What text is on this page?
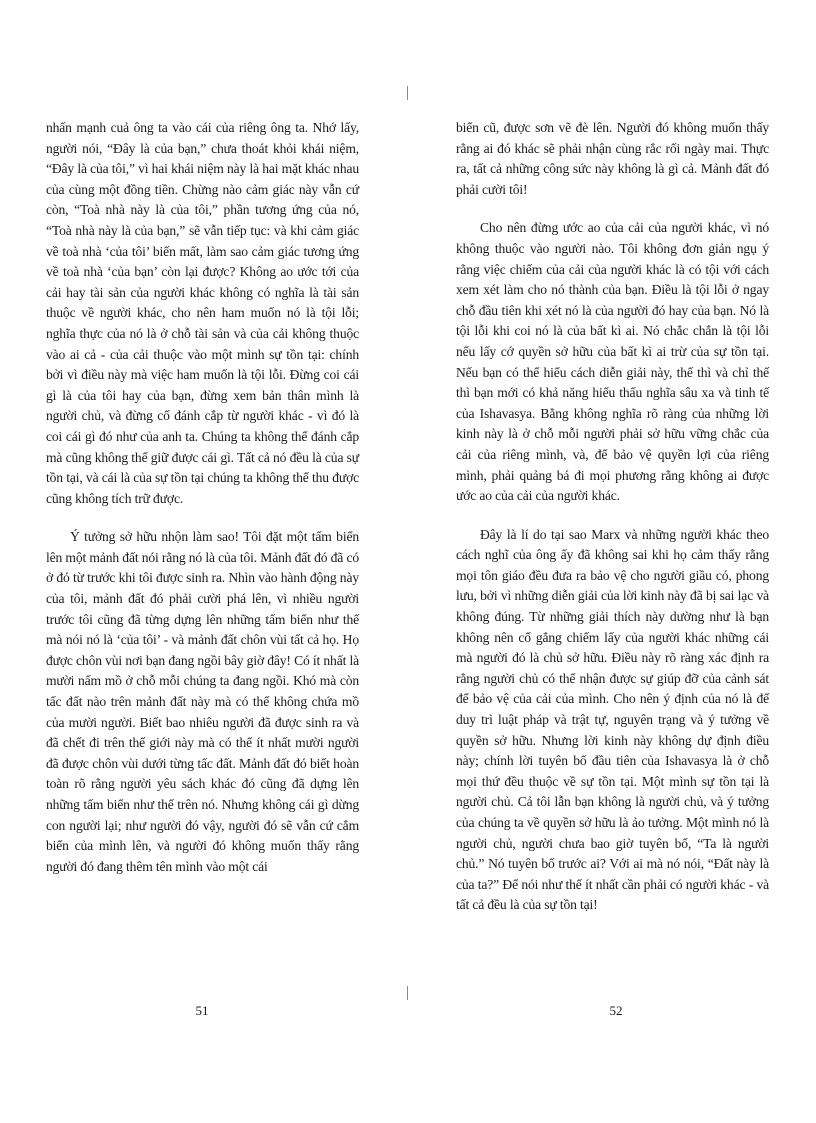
nhấn mạnh cuả ông ta vào cái của riêng ông ta. Nhớ lấy, người nói, “Đây là của bạn,” chưa thoát khỏi khái niệm, “Đây là của tôi,” vì hai khái niệm này là hai mặt khác nhau của cùng một đồng tiền. Chừng nào cảm giác này vẫn cứ còn, “Toà nhà này là của tôi,” phần tương ứng của nó, “Toà nhà này là của bạn,” sẽ vẫn tiếp tục: và khi cảm giác về toà nhà ‘của tôi’ biến mất, làm sao cảm giác tương ứng về toà nhà ‘của bạn’ còn lại được? Không ao ước tới của cải hay tài sản của người khác không có nghĩa là tài sản thuộc về người khác, cho nên ham muốn nó là tội lỗi; nghĩa thực của nó là ở chỗ tài sản và của cải không thuộc vào ai cả - của cải thuộc vào một mình sự tồn tại: chính bởi vì điều này mà việc ham muốn là tội lỗi. Đừng coi cái gì là của tôi hay của bạn, đừng xem bản thân mình là người chủ, và đừng cố đánh cắp từ người khác - vì đó là coi cái gì đó như của anh ta. Chúng ta không thể đánh cắp mà cũng không thể giữ được cái gì. Tất cả nó đều là của sự tồn tại, và cái là của sự tồn tại chúng ta không thể thu được cũng không tích trữ được.

Ý tưởng sở hữu nhộn làm sao! Tôi đặt một tấm biển lên một mảnh đất nói rằng nó là của tôi. Mảnh đất đó đã có ở đó từ trước khi tôi được sinh ra. Nhìn vào hành động này của tôi, mảnh đất đó phải cười phá lên, vì nhiều người trước tôi cũng đã từng dựng lên những tấm biển như thế mà nói nó là ‘của tôi’ - và mảnh đất chôn vùi tất cả họ. Họ được chôn vùi nơi bạn đang ngồi bây giờ đây! Có ít nhất là mười nấm mồ ở chỗ mỗi chúng ta đang ngồi. Khó mà còn tấc đất nào trên mảnh đất này mà có thể không chứa mồ của mười người. Biết bao nhiêu người đã được sinh ra và đã chết đi trên thế giới này mà có thể ít nhất mười người đã được chôn vùi dưới từng tấc đất. Mảnh đất đó biết hoàn toàn rõ rằng người yêu sách khác đó cũng đã dựng lên những tấm biển như thế trên nó. Nhưng không cái gì dừng con người lại; như người đó vậy, người đó sẽ vẫn cứ cắm biển của mình lên, và người đó không muốn thấy rằng người đó đang thêm tên mình vào một cái

biển cũ, được sơn vẽ đè lên. Người đó không muốn thấy rằng ai đó khác sẽ phải nhận cùng rắc rối ngày mai. Thực ra, tất cả những công sức này không là gì cả. Mảnh đất đó phải cười tôi!

Cho nên đừng ước ao của cải của người khác, vì nó không thuộc vào người nào. Tôi không đơn giản ngụ ý rằng việc chiếm của cải của người khác là có tội với cách xem xét làm cho nó thành của bạn. Điều là tội lỗi ở ngay chỗ đầu tiên khi xét nó là của người đó hay của bạn. Nó là tội lỗi khi coi nó là của bất kì ai. Nó chắc chắn là tội lỗi nếu lấy cớ quyền sở hữu của bất kì ai trừ của sự tồn tại. Nếu bạn có thể hiểu cách diễn giải này, thế thì và chỉ thế thì bạn mới có khả năng hiểu thấu nghĩa sâu xa và tinh tế của Ishavasya. Bằng không nghĩa rõ ràng của những lời kinh này là ở chỗ mỗi người phải sở hữu vững chắc của cải của riêng mình, và, để bảo vệ quyền lợi của riêng mình, phải quảng bá đi mọi phương rằng không ai được ước ao của cải của người khác.

Đây là lí do tại sao Marx và những người khác theo cách nghĩ của ông ấy đã không sai khi họ cảm thấy rằng mọi tôn giáo đều đưa ra bảo vệ cho người giầu có, phong lưu, bởi vì những diễn giải của lời kinh này đã bị sai lạc và không đúng. Từ những giải thích này dường như là bạn không nên cố gắng chiếm lấy của người khác những cái mà người đó là chủ sở hữu. Điều này rõ ràng xác định ra rằng người chủ có thể nhận được sự giúp đỡ của cảnh sát để bảo vệ của cải của mình. Cho nên ý định của nó là để duy trì luật pháp và trật tự, nguyên trạng và ý tưởng về quyền sở hữu. Nhưng lời kinh này không dự định điều này; chính lời tuyên bố đầu tiên của Ishavasya là ở chỗ mọi thứ đều thuộc về sự tồn tại. Một mình sự tồn tại là người chủ. Cả tôi lẫn bạn không là người chủ, và ý tưởng của chúng ta về quyền sở hữu là ảo tưởng. Một mình nó là người chủ, người chưa bao giờ tuyên bố, “Ta là người chủ.” Nó tuyên bố trước ai? Với ai mà nó nói, “Đất này là của ta?” Để nói như thế ít nhất cần phải có người khác - và tất cả đều là của sự tồn tại!

51	52
